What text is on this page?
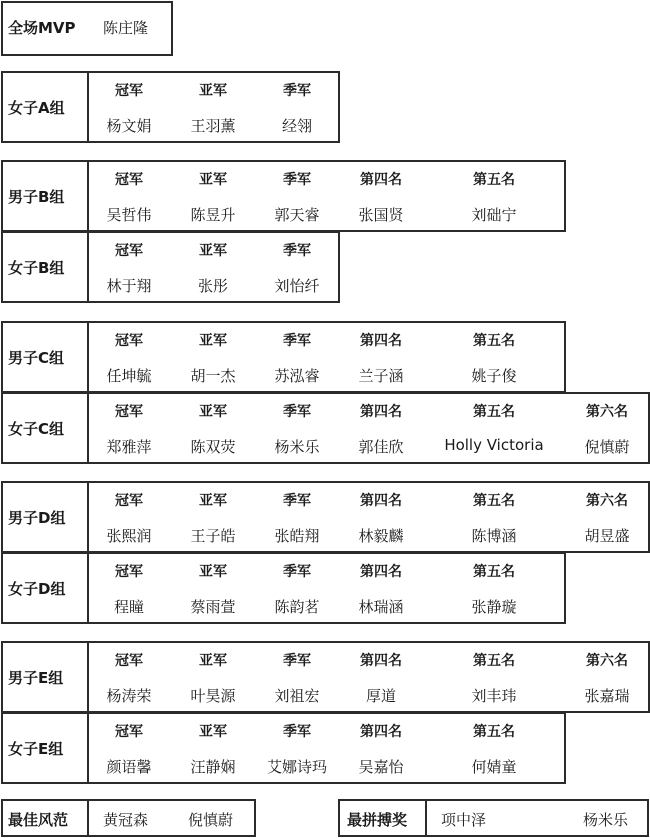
全场MVP 陈庄隆
女子A组
冠军	亚军	季军
杨文娟	王羽薰	经翎
男子B组
冠军	亚军	季军	第四名	第五名
吴哲伟	陈昱升	郭天睿	张国贤	刘础宁
女子B组
冠军	亚军	季军
林于翔	张彤	刘怡纤
男子C组
冠军	亚军	季军	第四名	第五名
任坤毓	胡一杰	苏泓睿	兰子涵	姚子俊
女子C组
冠军	亚军	季军	第四名	第五名	第六名
郑雅萍	陈双荧	杨米乐	郭佳欣	Holly Victoria	倪慎蔚
男子D组
冠军	亚军	季军	第四名	第五名	第六名
张熙润	王子皓	张皓翔	林毅麟	陈博涵	胡昱盛
女子D组
冠军	亚军	季军	第四名	第五名
程瞳	蔡雨萱	陈韵茗	林瑞涵	张静璇
男子E组
冠军	亚军	季军	第四名	第五名	第六名
杨涛荣	叶昊源	刘祖宏	厚道	刘丰玮	张嘉瑞
女子E组
冠军	亚军	季军	第四名	第五名
颜语馨	汪静娴	艾娜诗玛	吴嘉怡	何婧童
最佳风范 黄冠森	倪慎蔚	最拼搏奖 项中泽	杨米乐
